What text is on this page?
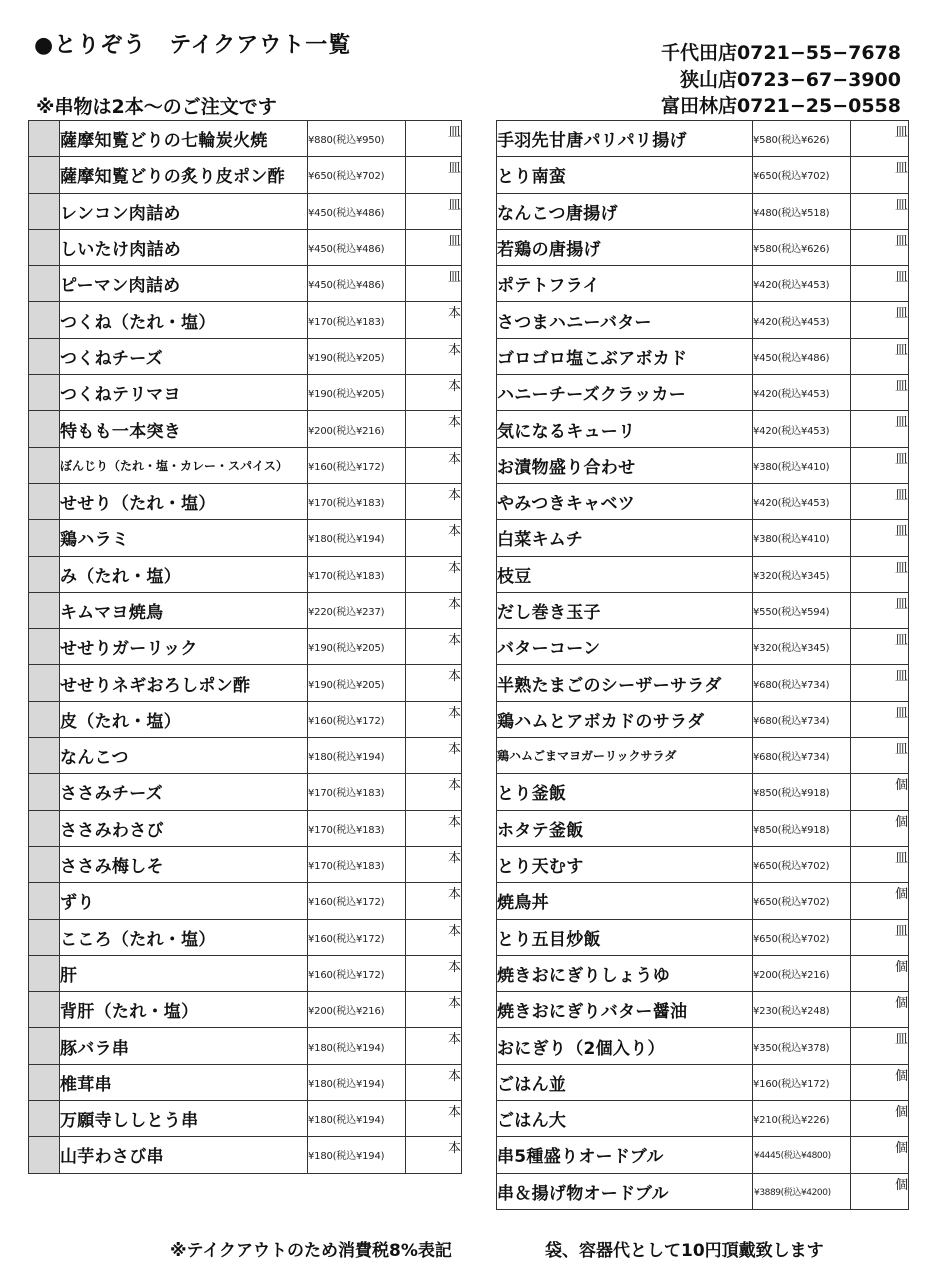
●とりぞう　テイクアウト一覧
※串物は2本〜のご注文です
千代田店0721−55−7678
狭山店0723−67−3900
富田林店0721−25−0558
	薩摩知覧どりの七輪炭火焼	¥880(税込¥950)	皿
	薩摩知覧どりの炙り皮ポン酢	¥650(税込¥702)	皿
	レンコン肉詰め	¥450(税込¥486)	皿
	しいたけ肉詰め	¥450(税込¥486)	皿
	ピーマン肉詰め	¥450(税込¥486)	皿
	つくね（たれ・塩）	¥170(税込¥183)	本
	つくねチーズ	¥190(税込¥205)	本
	つくねテリマヨ	¥190(税込¥205)	本
	特もも一本突き	¥200(税込¥216)	本
	ぼんじり（たれ・塩・カレー・スパイス）	¥160(税込¥172)	本
	せせり（たれ・塩）	¥170(税込¥183)	本
	鶏ハラミ	¥180(税込¥194)	本
	み（たれ・塩）	¥170(税込¥183)	本
	キムマヨ焼鳥	¥220(税込¥237)	本
	せせりガーリック	¥190(税込¥205)	本
	せせりネギおろしポン酢	¥190(税込¥205)	本
	皮（たれ・塩）	¥160(税込¥172)	本
	なんこつ	¥180(税込¥194)	本
	ささみチーズ	¥170(税込¥183)	本
	ささみわさび	¥170(税込¥183)	本
	ささみ梅しそ	¥170(税込¥183)	本
	ずり	¥160(税込¥172)	本
	こころ（たれ・塩）	¥160(税込¥172)	本
	肝	¥160(税込¥172)	本
	背肝（たれ・塩）	¥200(税込¥216)	本
	豚バラ串	¥180(税込¥194)	本
	椎茸串	¥180(税込¥194)	本
	万願寺ししとう串	¥180(税込¥194)	本
	山芋わさび串	¥180(税込¥194)	本
手羽先甘唐パリパリ揚げ	¥580(税込¥626)	皿
とり南蛮	¥650(税込¥702)	皿
なんこつ唐揚げ	¥480(税込¥518)	皿
若鶏の唐揚げ	¥580(税込¥626)	皿
ポテトフライ	¥420(税込¥453)	皿
さつまハニーバター	¥420(税込¥453)	皿
ゴロゴロ塩こぶアボカド	¥450(税込¥486)	皿
ハニーチーズクラッカー	¥420(税込¥453)	皿
気になるキューリ	¥420(税込¥453)	皿
お漬物盛り合わせ	¥380(税込¥410)	皿
やみつきキャベツ	¥420(税込¥453)	皿
白菜キムチ	¥380(税込¥410)	皿
枝豆	¥320(税込¥345)	皿
だし巻き玉子	¥550(税込¥594)	皿
バターコーン	¥320(税込¥345)	皿
半熟たまごのシーザーサラダ	¥680(税込¥734)	皿
鶏ハムとアボカドのサラダ	¥680(税込¥734)	皿
鶏ハムごまマヨガーリックサラダ	¥680(税込¥734)	皿
とり釜飯	¥850(税込¥918)	個
ホタテ釜飯	¥850(税込¥918)	個
とり天むす	¥650(税込¥702)	皿
焼鳥丼	¥650(税込¥702)	個
とり五目炒飯	¥650(税込¥702)	皿
焼きおにぎりしょうゆ	¥200(税込¥216)	個
焼きおにぎりバター醤油	¥230(税込¥248)	個
おにぎり（2個入り）	¥350(税込¥378)	皿
ごはん並	¥160(税込¥172)	個
ごはん大	¥210(税込¥226)	個
串5種盛りオードブル	¥4445(税込¥4800)	個
串＆揚げ物オードブル	¥3889(税込¥4200)	個
※テイクアウトのため消費税8%表記	袋、容器代として10円頂戴致します
